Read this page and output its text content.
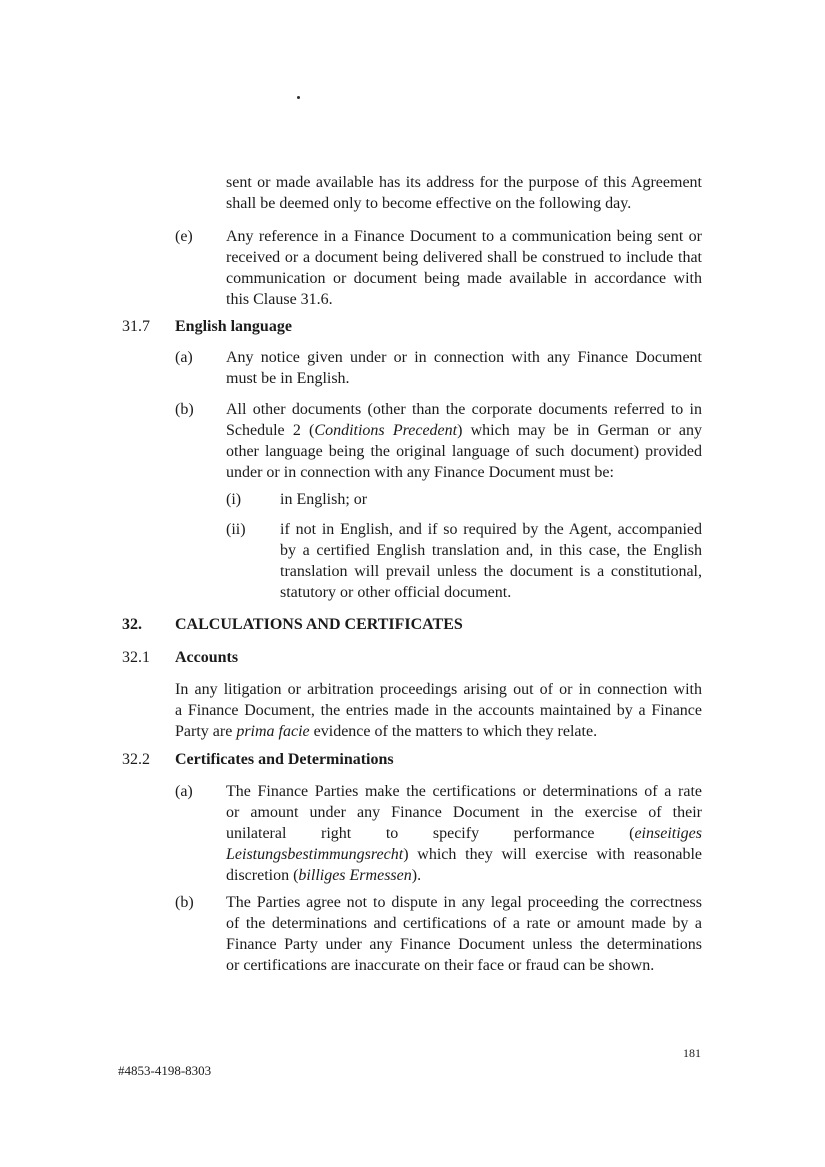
sent or made available has its address for the purpose of this Agreement
shall be deemed only to become effective on the following day.
(e)	Any reference in a Finance Document to a communication being sent or
received or a document being delivered shall be construed to include that
communication or document being made available in accordance with
this Clause 31.6.
31.7	English language
(a)	Any notice given under or in connection with any Finance Document
must be in English.
(b)	All other documents (other than the corporate documents referred to in
Schedule 2 (Conditions Precedent) which may be in German or any
other language being the original language of such document) provided
under or in connection with any Finance Document must be:
(i)	in English; or
(ii)	if not in English, and if so required by the Agent, accompanied
by a certified English translation and, in this case, the English
translation will prevail unless the document is a constitutional,
statutory or other official document.
32.	CALCULATIONS AND CERTIFICATES
32.1	Accounts
In any litigation or arbitration proceedings arising out of or in connection with
a Finance Document, the entries made in the accounts maintained by a Finance
Party are prima facie evidence of the matters to which they relate.
32.2	Certificates and Determinations
(a)	The Finance Parties make the certifications or determinations of a rate
or amount under any Finance Document in the exercise of their
unilateral right to specify performance (einseitiges
Leistungsbestimmungsrecht) which they will exercise with reasonable
discretion (billiges Ermessen).
(b)	The Parties agree not to dispute in any legal proceeding the correctness
of the determinations and certifications of a rate or amount made by a
Finance Party under any Finance Document unless the determinations
or certifications are inaccurate on their face or fraud can be shown.
181
#4853-4198-8303
